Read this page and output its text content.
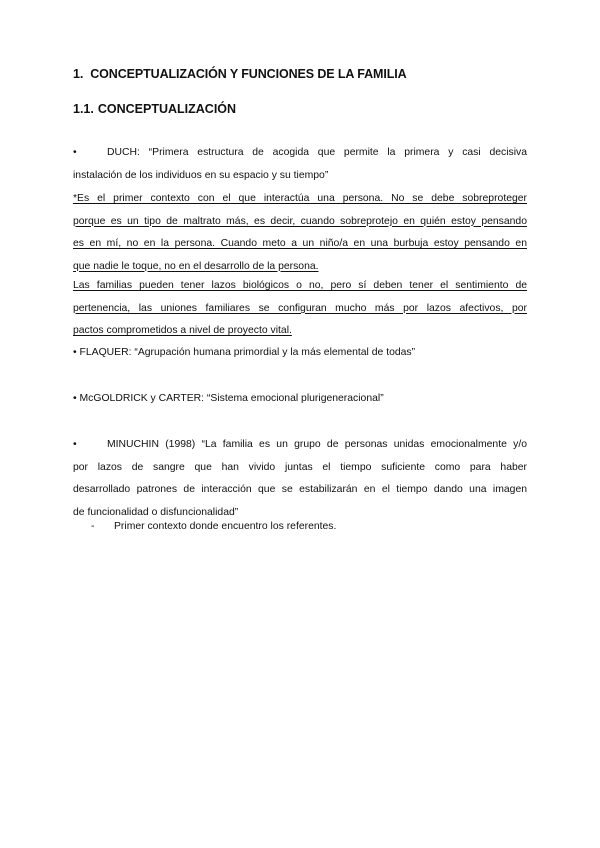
1. CONCEPTUALIZACIÓN Y FUNCIONES DE LA FAMILIA
1.1. CONCEPTUALIZACIÓN
•	DUCH: “Primera estructura de acogida que permite la primera y casi decisiva
instalación de los individuos en su espacio y su tiempo”
*Es el primer contexto con el que interactúa una persona. No se debe sobreproteger
porque es un tipo de maltrato más, es decir, cuando sobreprotejo en quién estoy pensando
es en mí, no en la persona. Cuando meto a un niño/a en una burbuja estoy pensando en
que nadie le toque, no en el desarrollo de la persona.
Las familias pueden tener lazos biológicos o no, pero sí deben tener el sentimiento de
pertenencia, las uniones familiares se configuran mucho más por lazos afectivos, por
pactos comprometidos a nivel de proyecto vital.
• FLAQUER: “Agrupación humana primordial y la más elemental de todas”
• McGOLDRICK y CARTER: “Sistema emocional plurigeneracional”
•	MINUCHIN (1998) “La familia es un grupo de personas unidas emocionalmente y/o
por lazos de sangre que han vivido juntas el tiempo suficiente como para haber
desarrollado patrones de interacción que se estabilizarán en el tiempo dando una imagen
de funcionalidad o disfuncionalidad”
- Primer contexto donde encuentro los referentes.
